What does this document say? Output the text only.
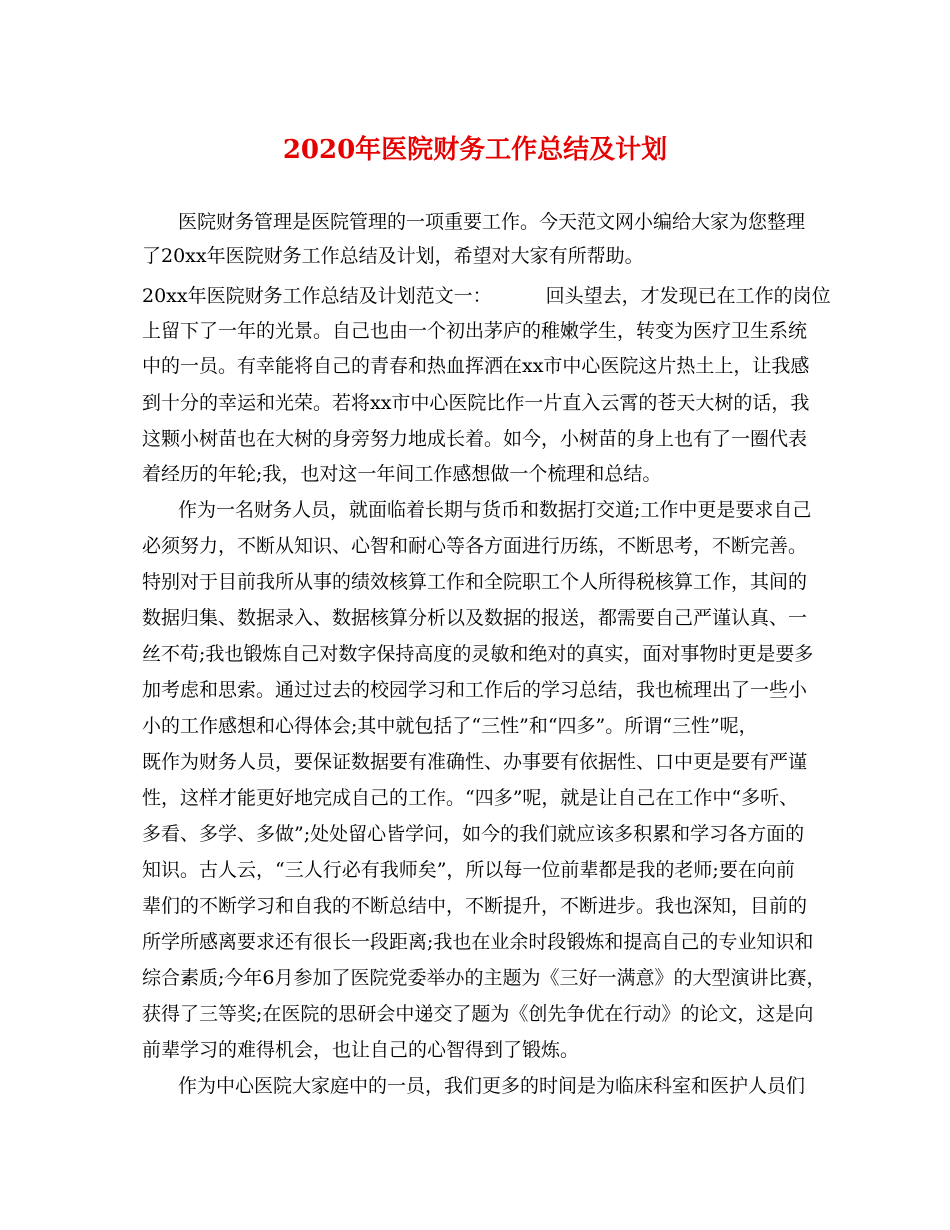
2020年医院财务工作总结及计划
医院财务管理是医院管理的一项重要工作。今天范文网小编给大家为您整理
了20xx年医院财务工作总结及计划，希望对大家有所帮助。
20xx年医院财务工作总结及计划范文一：	回头望去，才发现已在工作的岗位
上留下了一年的光景。自己也由一个初出茅庐的稚嫩学生，转变为医疗卫生系统
中的一员。有幸能将自己的青春和热血挥洒在xx市中心医院这片热土上，让我感
到十分的幸运和光荣。若将xx市中心医院比作一片直入云霄的苍天大树的话，我
这颗小树苗也在大树的身旁努力地成长着。如今，小树苗的身上也有了一圈代表
着经历的年轮;我，也对这一年间工作感想做一个梳理和总结。
作为一名财务人员，就面临着长期与货币和数据打交道;工作中更是要求自己
必须努力，不断从知识、心智和耐心等各方面进行历练，不断思考，不断完善。
特别对于目前我所从事的绩效核算工作和全院职工个人所得税核算工作，其间的
数据归集、数据录入、数据核算分析以及数据的报送，都需要自己严谨认真、一
丝不苟;我也锻炼自己对数字保持高度的灵敏和绝对的真实，面对事物时更是要多
加考虑和思索。通过过去的校园学习和工作后的学习总结，我也梳理出了一些小
小的工作感想和心得体会;其中就包括了“三性”和“四多”。所谓“三性”呢，
既作为财务人员，要保证数据要有准确性、办事要有依据性、口中更是要有严谨
性，这样才能更好地完成自己的工作。“四多”呢，就是让自己在工作中“多听、
多看、多学、多做”;处处留心皆学问，如今的我们就应该多积累和学习各方面的
知识。古人云，“三人行必有我师矣”，所以每一位前辈都是我的老师;要在向前
辈们的不断学习和自我的不断总结中，不断提升，不断进步。我也深知，目前的
所学所感离要求还有很长一段距离;我也在业余时段锻炼和提高自己的专业知识和
综合素质;今年6月参加了医院党委举办的主题为《三好一满意》的大型演讲比赛，
获得了三等奖;在医院的思研会中递交了题为《创先争优在行动》的论文，这是向
前辈学习的难得机会，也让自己的心智得到了锻炼。
作为中心医院大家庭中的一员，我们更多的时间是为临床科室和医护人员们
